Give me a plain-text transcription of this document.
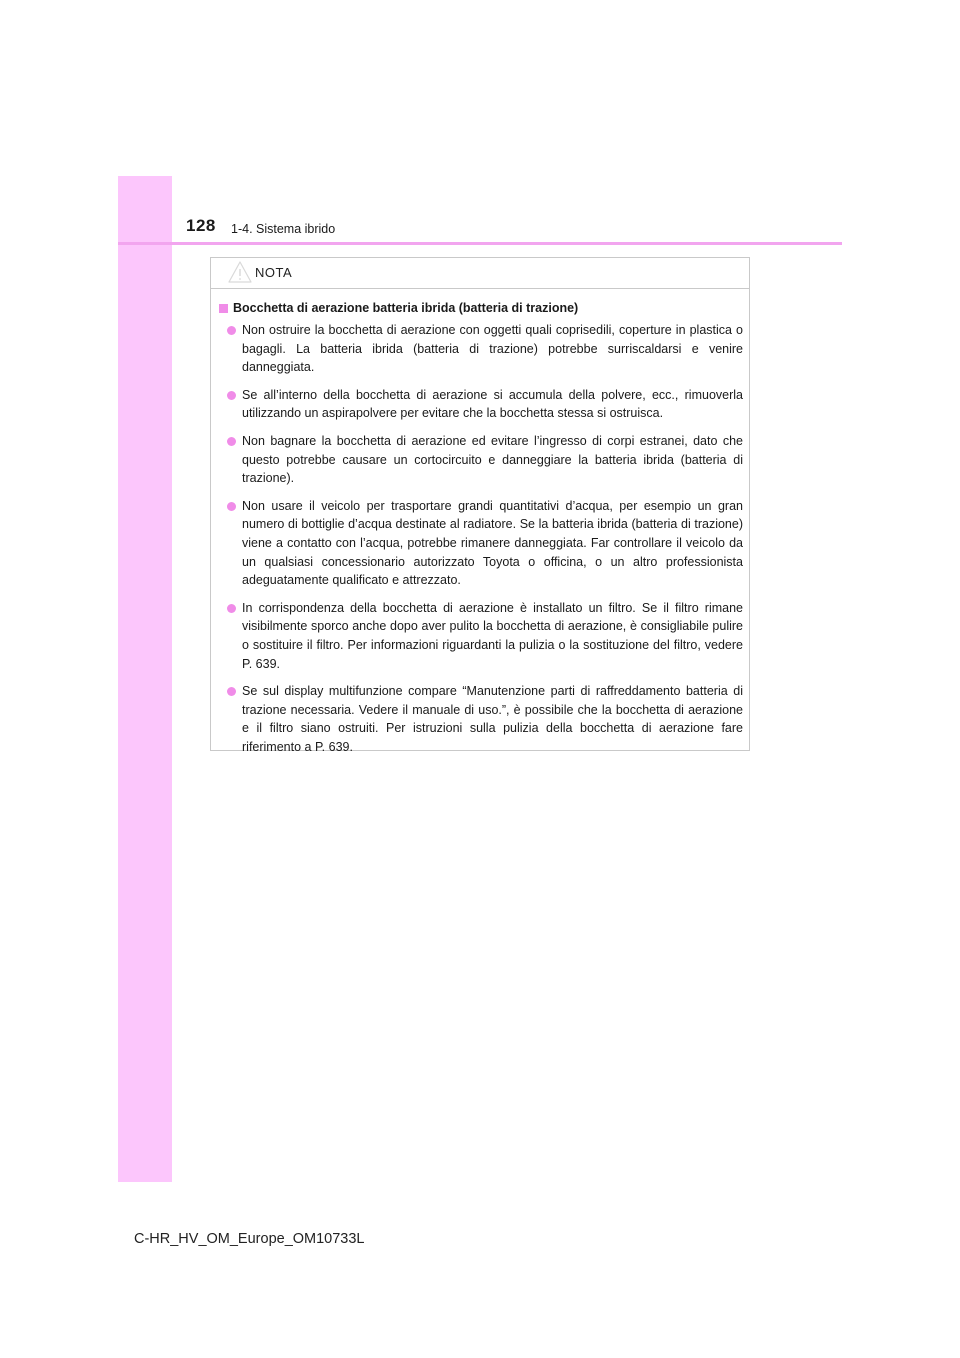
128 1-4. Sistema ibrido
NOTA
Bocchetta di aerazione batteria ibrida (batteria di trazione)
Non ostruire la bocchetta di aerazione con oggetti quali coprisedili, coperture in plastica o bagagli. La batteria ibrida (batteria di trazione) potrebbe surriscaldarsi e venire danneggiata.
Se all’interno della bocchetta di aerazione si accumula della polvere, ecc., rimuoverla utilizzando un aspirapolvere per evitare che la bocchetta stessa si ostruisca.
Non bagnare la bocchetta di aerazione ed evitare l’ingresso di corpi estranei, dato che questo potrebbe causare un cortocircuito e danneggiare la batteria ibrida (batteria di trazione).
Non usare il veicolo per trasportare grandi quantitativi d’acqua, per esempio un gran numero di bottiglie d’acqua destinate al radiatore. Se la batteria ibrida (batteria di trazione) viene a contatto con l’acqua, potrebbe rimanere danneggiata. Far controllare il veicolo da un qualsiasi concessionario autorizzato Toyota o officina, o un altro professionista adeguatamente qualificato e attrezzato.
In corrispondenza della bocchetta di aerazione è installato un filtro. Se il filtro rimane visibilmente sporco anche dopo aver pulito la bocchetta di aerazione, è consigliabile pulire o sostituire il filtro. Per informazioni riguardanti la pulizia o la sostituzione del filtro, vedere P. 639.
Se sul display multifunzione compare “Manutenzione parti di raffreddamento batteria di trazione necessaria. Vedere il manuale di uso.”, è possibile che la bocchetta di aerazione e il filtro siano ostruiti. Per istruzioni sulla pulizia della bocchetta di aerazione fare riferimento a P. 639.
C-HR_HV_OM_Europe_OM10733L
